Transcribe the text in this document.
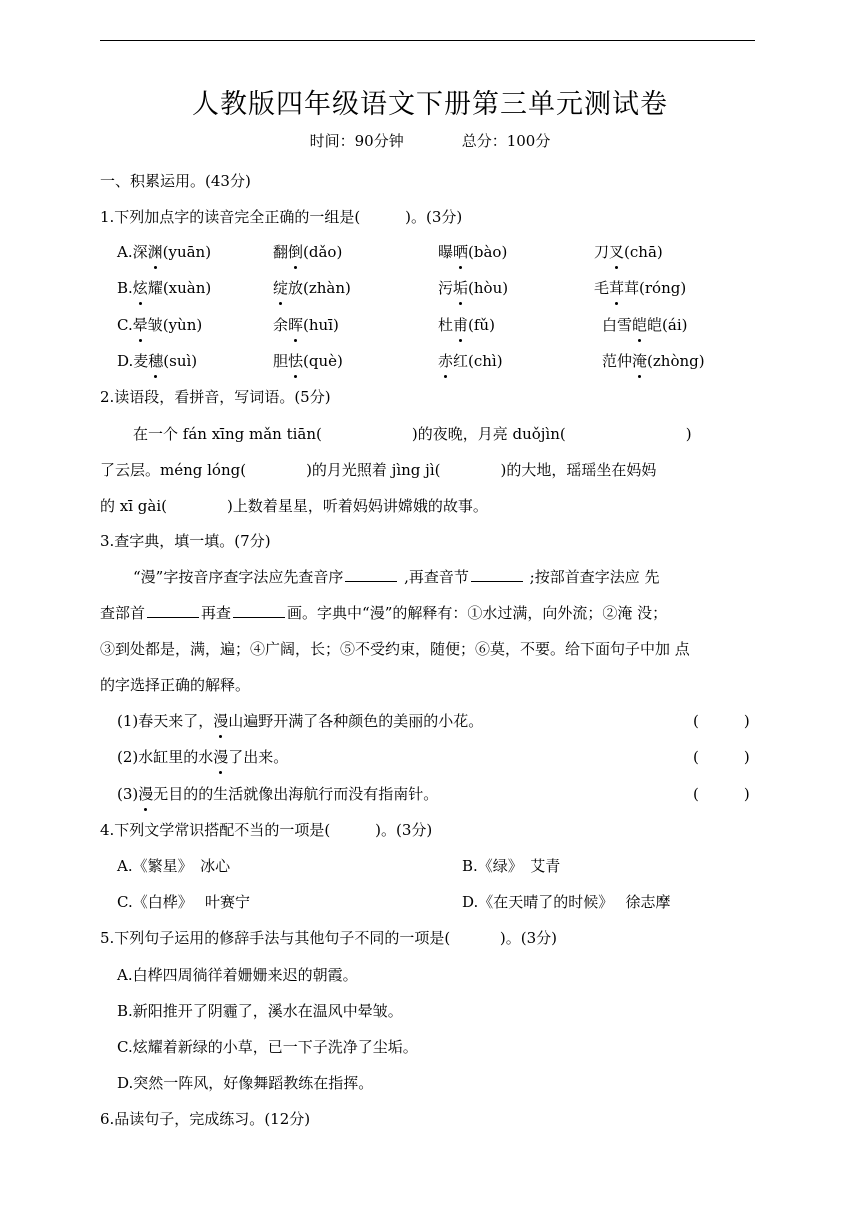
人教版四年级语文下册第三单元测试卷
时间：90分钟	总分：100分
一、积累运用。(43分)
1.下列加点字的读音完全正确的一组是(　　　)。(3分)
A.深渊(yuān)	翻倒(dǎo)	曝晒(bào)	刀叉(chā)
B.炫耀(xuàn)	绽放(zhàn)	污垢(hòu)	毛茸茸(róng)
C.晕皱(yùn)	余晖(huī)	杜甫(fǔ)	白雪皑皑(ái)
D.麦穗(suì)	胆怯(què)	赤红(chì)	范仲淹(zhòng)
2.读语段，看拼音，写词语。(5分)
在一个 fán xīng mǎn tiān(　　　　　　)的夜晚，月亮 duǒjìn(　　　　　　　　)
了云层。méng lóng(　　　　)的月光照着 jìng jì(　　　　)的大地，瑶瑶坐在妈妈
的 xī gài(　　　　)上数着星星，听着妈妈讲嫦娥的故事。
3.查字典，填一填。(7分)
“漫”字按音序查字法应先查音序	,再查音节	;按部首查字法应 先
查部首	再查	画。字典中“漫”的解释有：①水过满，向外流；②淹 没；
③到处都是，满，遍；④广阔，长；⑤不受约束，随便；⑥莫，不要。给下面句子中加 点
的字选择正确的解释。
(1)春天来了，漫山遍野开满了各种颜色的美丽的小花。	(　　　)
(2)水缸里的水漫了出来。	(　　　)
(3)漫无目的的生活就像出海航行而没有指南针。	(　　　)
4.下列文学常识搭配不当的一项是(　　　)。(3分)
A.《繁星》　冰心	B.《绿》　艾青
C.《白桦》　 叶赛宁	D.《在天晴了的时候》　 徐志摩
5.下列句子运用的修辞手法与其他句子不同的一项是(　　　 )。(3分)
A.白桦四周徜徉着姗姗来迟的朝霞。
B.新阳推开了阴霾了，溪水在温风中晕皱。
C.炫耀着新绿的小草，已一下子洗净了尘垢。
D.突然一阵风，好像舞蹈教练在指挥。
6.品读句子，完成练习。(12分)
